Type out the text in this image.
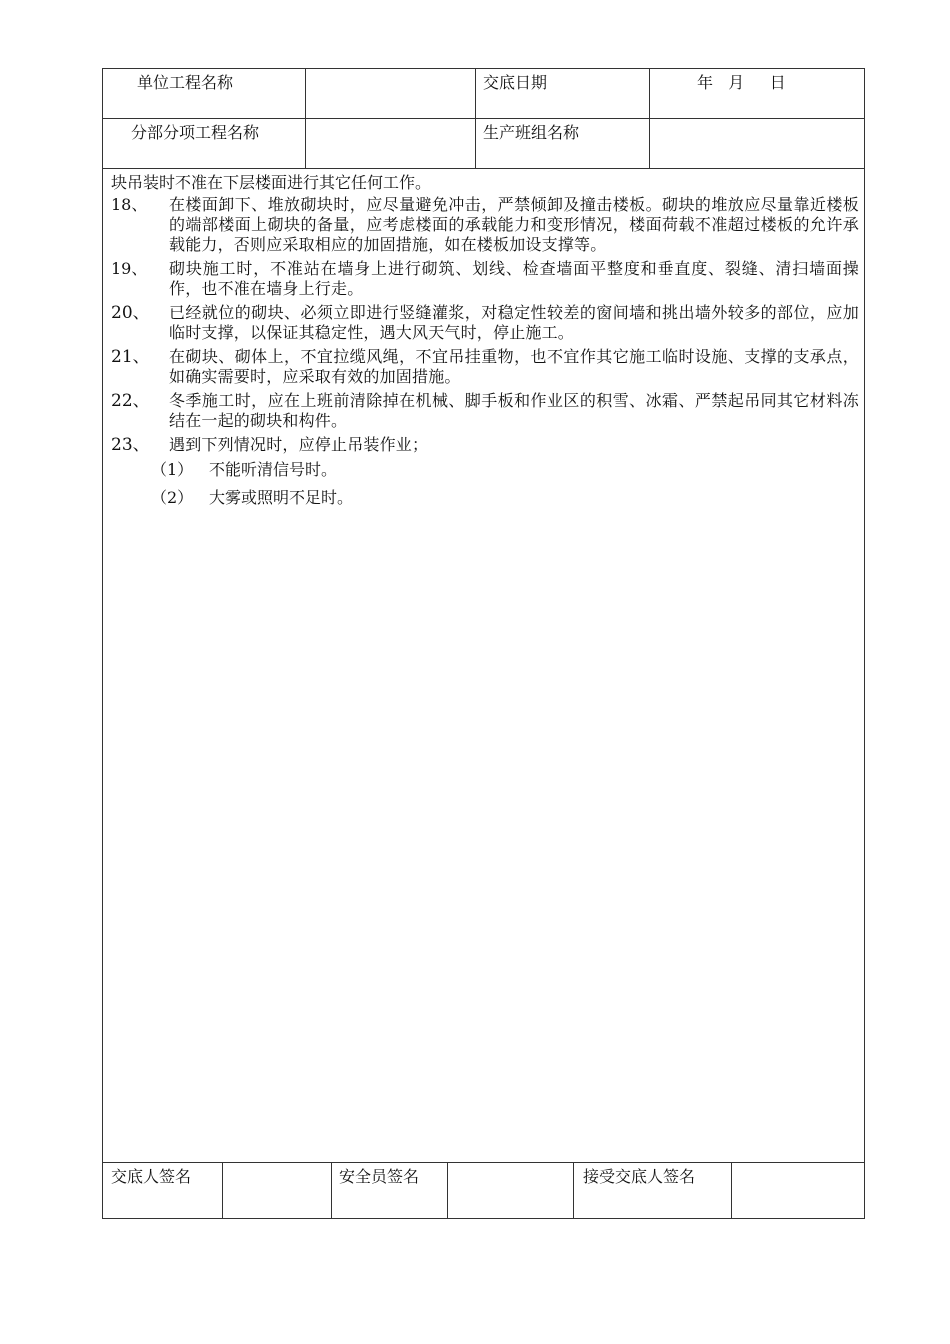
单位工程名称	交底日期	年   月     日
分部分项工程名称	生产班组名称
块吊装时不准在下层楼面进行其它任何工作。
18、	在楼面卸下、堆放砌块时，应尽量避免冲击，严禁倾卸及撞击楼板。砌块的堆放应尽量靠近楼板的端部楼面上砌块的备量，应考虑楼面的承载能力和变形情况，楼面荷载不准超过楼板的允许承载能力，否则应采取相应的加固措施，如在楼板加设支撑等。
19、	砌块施工时，不准站在墙身上进行砌筑、划线、检查墙面平整度和垂直度、裂缝、清扫墙面操作，也不准在墙身上行走。
20、	已经就位的砌块、必须立即进行竖缝灌浆，对稳定性较差的窗间墙和挑出墙外较多的部位，应加临时支撑，以保证其稳定性，遇大风天气时，停止施工。
21、	在砌块、砌体上，不宜拉缆风绳，不宜吊挂重物，也不宜作其它施工临时设施、支撑的支承点，如确实需要时，应采取有效的加固措施。
22、	冬季施工时，应在上班前清除掉在机械、脚手板和作业区的积雪、冰霜、严禁起吊同其它材料冻结在一起的砌块和构件。
23、	遇到下列情况时，应停止吊装作业；
（1） 不能听清信号时。
（2） 大雾或照明不足时。
交底人签名	安全员签名	接受交底人签名
